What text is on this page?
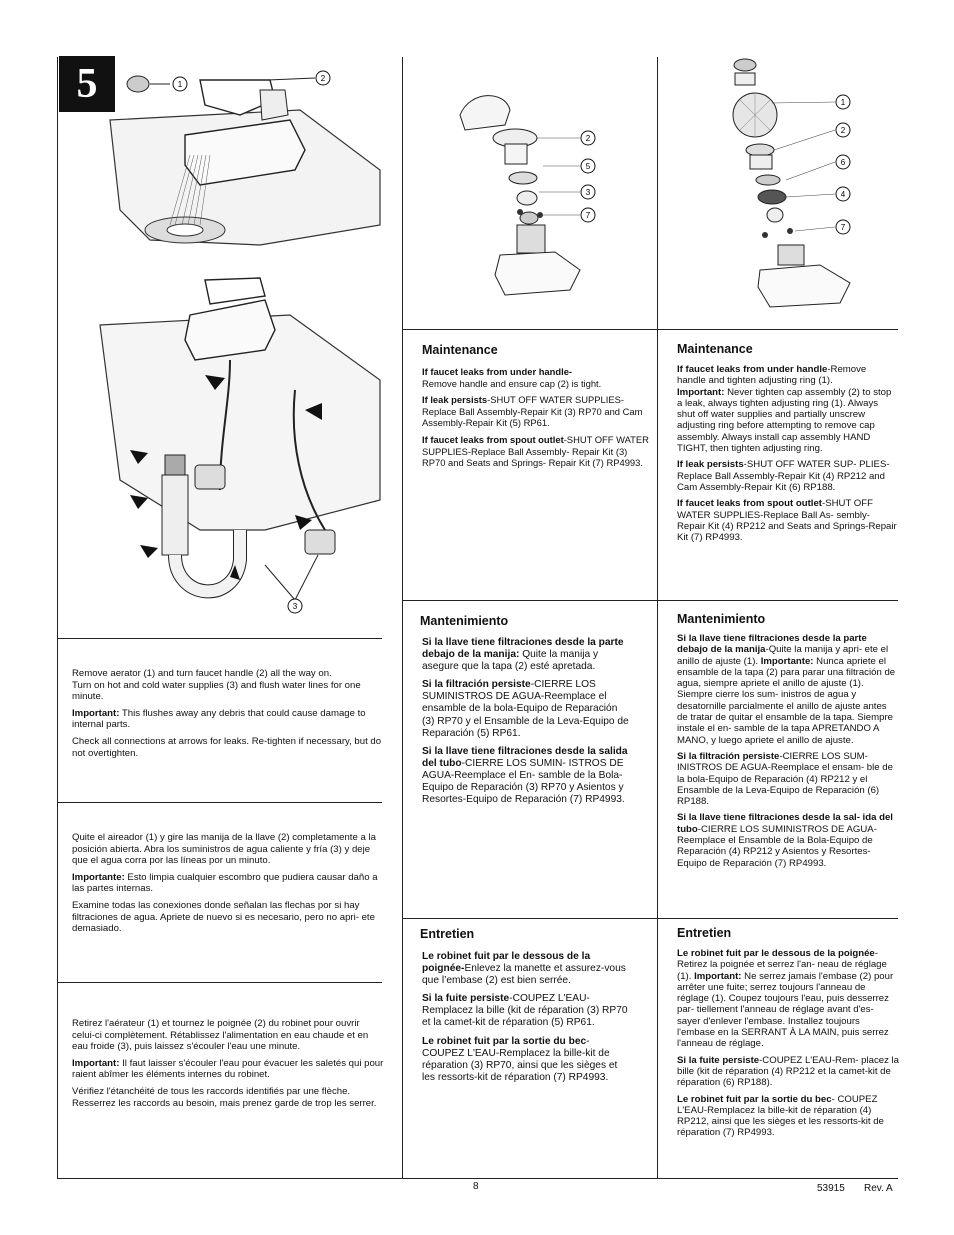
5	1
2
3
2
5
3
7
1
2
6
4
7

Remove aerator (1) and turn faucet handle (2) all the way on.

Turn on hot and cold water supplies (3) and flush water lines for one minute.

Important: This flushes away any debris that could cause damage to internal parts.

Check all connections at arrows for leaks. Re-tighten if necessary, but do not overtighten.

Quite el aireador (1) y gire las manija de la llave (2) completamente a la posición abierta. Abra los suministros de agua caliente y fría (3) y deje que el agua corra por las líneas por un minuto.

Importante: Esto limpia cualquier escombro que pudiera causar daño a las partes internas.

Examine todas las conexiones donde señalan las flechas por si hay filtraciones de agua. Apriete de nuevo si es necesario, pero no apri- ete demasiado.

Retirez l'aérateur (1) et tournez le poignée (2) du robinet pour ouvrir celui-ci complètement. Rétablissez l'alimentation en eau chaude et en eau froide (3), puis laissez s'écouler l'eau une minute.

Important: Il faut laisser s'écouler l'eau pour évacuer les saletés qui pour raient abîmer les éléments internes du robinet.

Vérifiez l'étanchéité de tous les raccords identifiés par une flèche. Resserrez les raccords au besoin, mais prenez garde de trop les serrer.

Maintenance

If faucet leaks from under handle-
Remove handle and ensure cap (2) is tight.

If leak persists-SHUT OFF WATER SUPPLIES-Replace Ball Assembly-Repair Kit (3) RP70 and Cam Assembly-Repair Kit (5) RP61.

If faucet leaks from spout outlet-SHUT OFF WATER SUPPLIES-Replace Ball Assembly- Repair Kit (3) RP70 and Seats and Springs- Repair Kit (7) RP4993.

Mantenimiento

Si la llave tiene filtraciones desde la parte debajo de la manija: Quite la manija y asegure que la tapa (2) esté apretada.

Si la filtración persiste-CIERRE LOS SUMINISTROS DE AGUA-Reemplace el ensamble de la bola-Equipo de Reparación (3) RP70 y el Ensamble de la Leva-Equipo de Reparación (5) RP61.

Si la llave tiene filtraciones desde la salida del tubo-CIERRE LOS SUMIN- ISTROS DE AGUA-Reemplace el En- samble de la Bola-Equipo de Reparación (3) RP70 y Asientos y Resortes-Equipo de Reparación (7) RP4993.

Entretien

Le robinet fuit par le dessous de la poignée-Enlevez la manette et assurez-vous que l’embase (2) est bien serrée.

Si la fuite persiste-COUPEZ L'EAU- Remplacez la bille (kit de réparation (3) RP70 et la camet-kit de réparation (5) RP61.

Le robinet fuit par la sortie du bec- COUPEZ L'EAU-Remplacez la bille-kit de réparation (3) RP70, ainsi que les sièges et les ressorts-kit de réparation (7) RP4993.

Maintenance

If faucet leaks from under handle-Remove handle and tighten adjusting ring (1).
Important: Never tighten cap assembly (2) to stop a leak, always tighten adjusting ring (1). Always shut off water supplies and partially unscrew adjusting ring before attempting to remove cap assembly. Always install cap assembly HAND TIGHT, then tighten adjusting ring.

If leak persists-SHUT OFF WATER SUP- PLIES-Replace Ball Assembly-Repair Kit (4) RP212 and Cam Assembly-Repair Kit (6) RP188.

If faucet leaks from spout outlet-SHUT OFF WATER SUPPLIES-Replace Ball As- sembly-Repair Kit (4) RP212 and Seats and Springs-Repair Kit (7) RP4993.

Mantenimiento

Si la llave tiene filtraciones desde la parte debajo de la manija-Quite la manija y apri- ete el anillo de ajuste (1). Importante: Nunca apriete el ensamble de la tapa (2) para parar una filtración de agua, siempre apriete el anillo de ajuste (1). Siempre cierre los sum- inistros de agua y desatornille parcialmente el anillo de ajuste antes de tratar de quitar el ensamble de la tapa. Siempre instale el en- samble de la tapa APRETANDO A MANO, y luego apriete el anillo de ajuste.

Si la filtración persiste-CIERRE LOS SUM- INISTROS DE AGUA-Reemplace el ensam- ble de la bola-Equipo de Reparación (4) RP212 y el Ensamble de la Leva-Equipo de Reparación (6) RP188.

Si la llave tiene filtraciones desde la sal- ida del tubo-CIERRE LOS SUMINISTROS DE AGUA-Reemplace el Ensamble de la Bola-Equipo de Reparación (4) RP212 y Asientos y Resortes-Equipo de Reparación (7) RP4993.

Entretien

Le robinet fuit par le dessous de la poignée-Retirez la poignée et serrez l'an- neau de réglage (1). Important: Ne serrez jamais l'embase (2) pour arrêter une fuite; serrez toujours l'anneau de réglage (1). Coupez toujours l'eau, puis desserrez par- tiellement l'anneau de réglage avant d'es- sayer d'enlever l'embase. Installez toujours l'embase en la SERRANT À LA MAIN, puis serrez l'anneau de réglage.

Si la fuite persiste-COUPEZ L'EAU-Rem- placez la bille (kit de réparation (4) RP212 et la camet-kit de réparation (6) RP188).

Le robinet fuit par la sortie du bec- COUPEZ L'EAU-Remplacez la bille-kit de réparation (4) RP212, ainsi que les sièges et les ressorts-kit de réparation (7) RP4993.

8	53915 Rev. A
